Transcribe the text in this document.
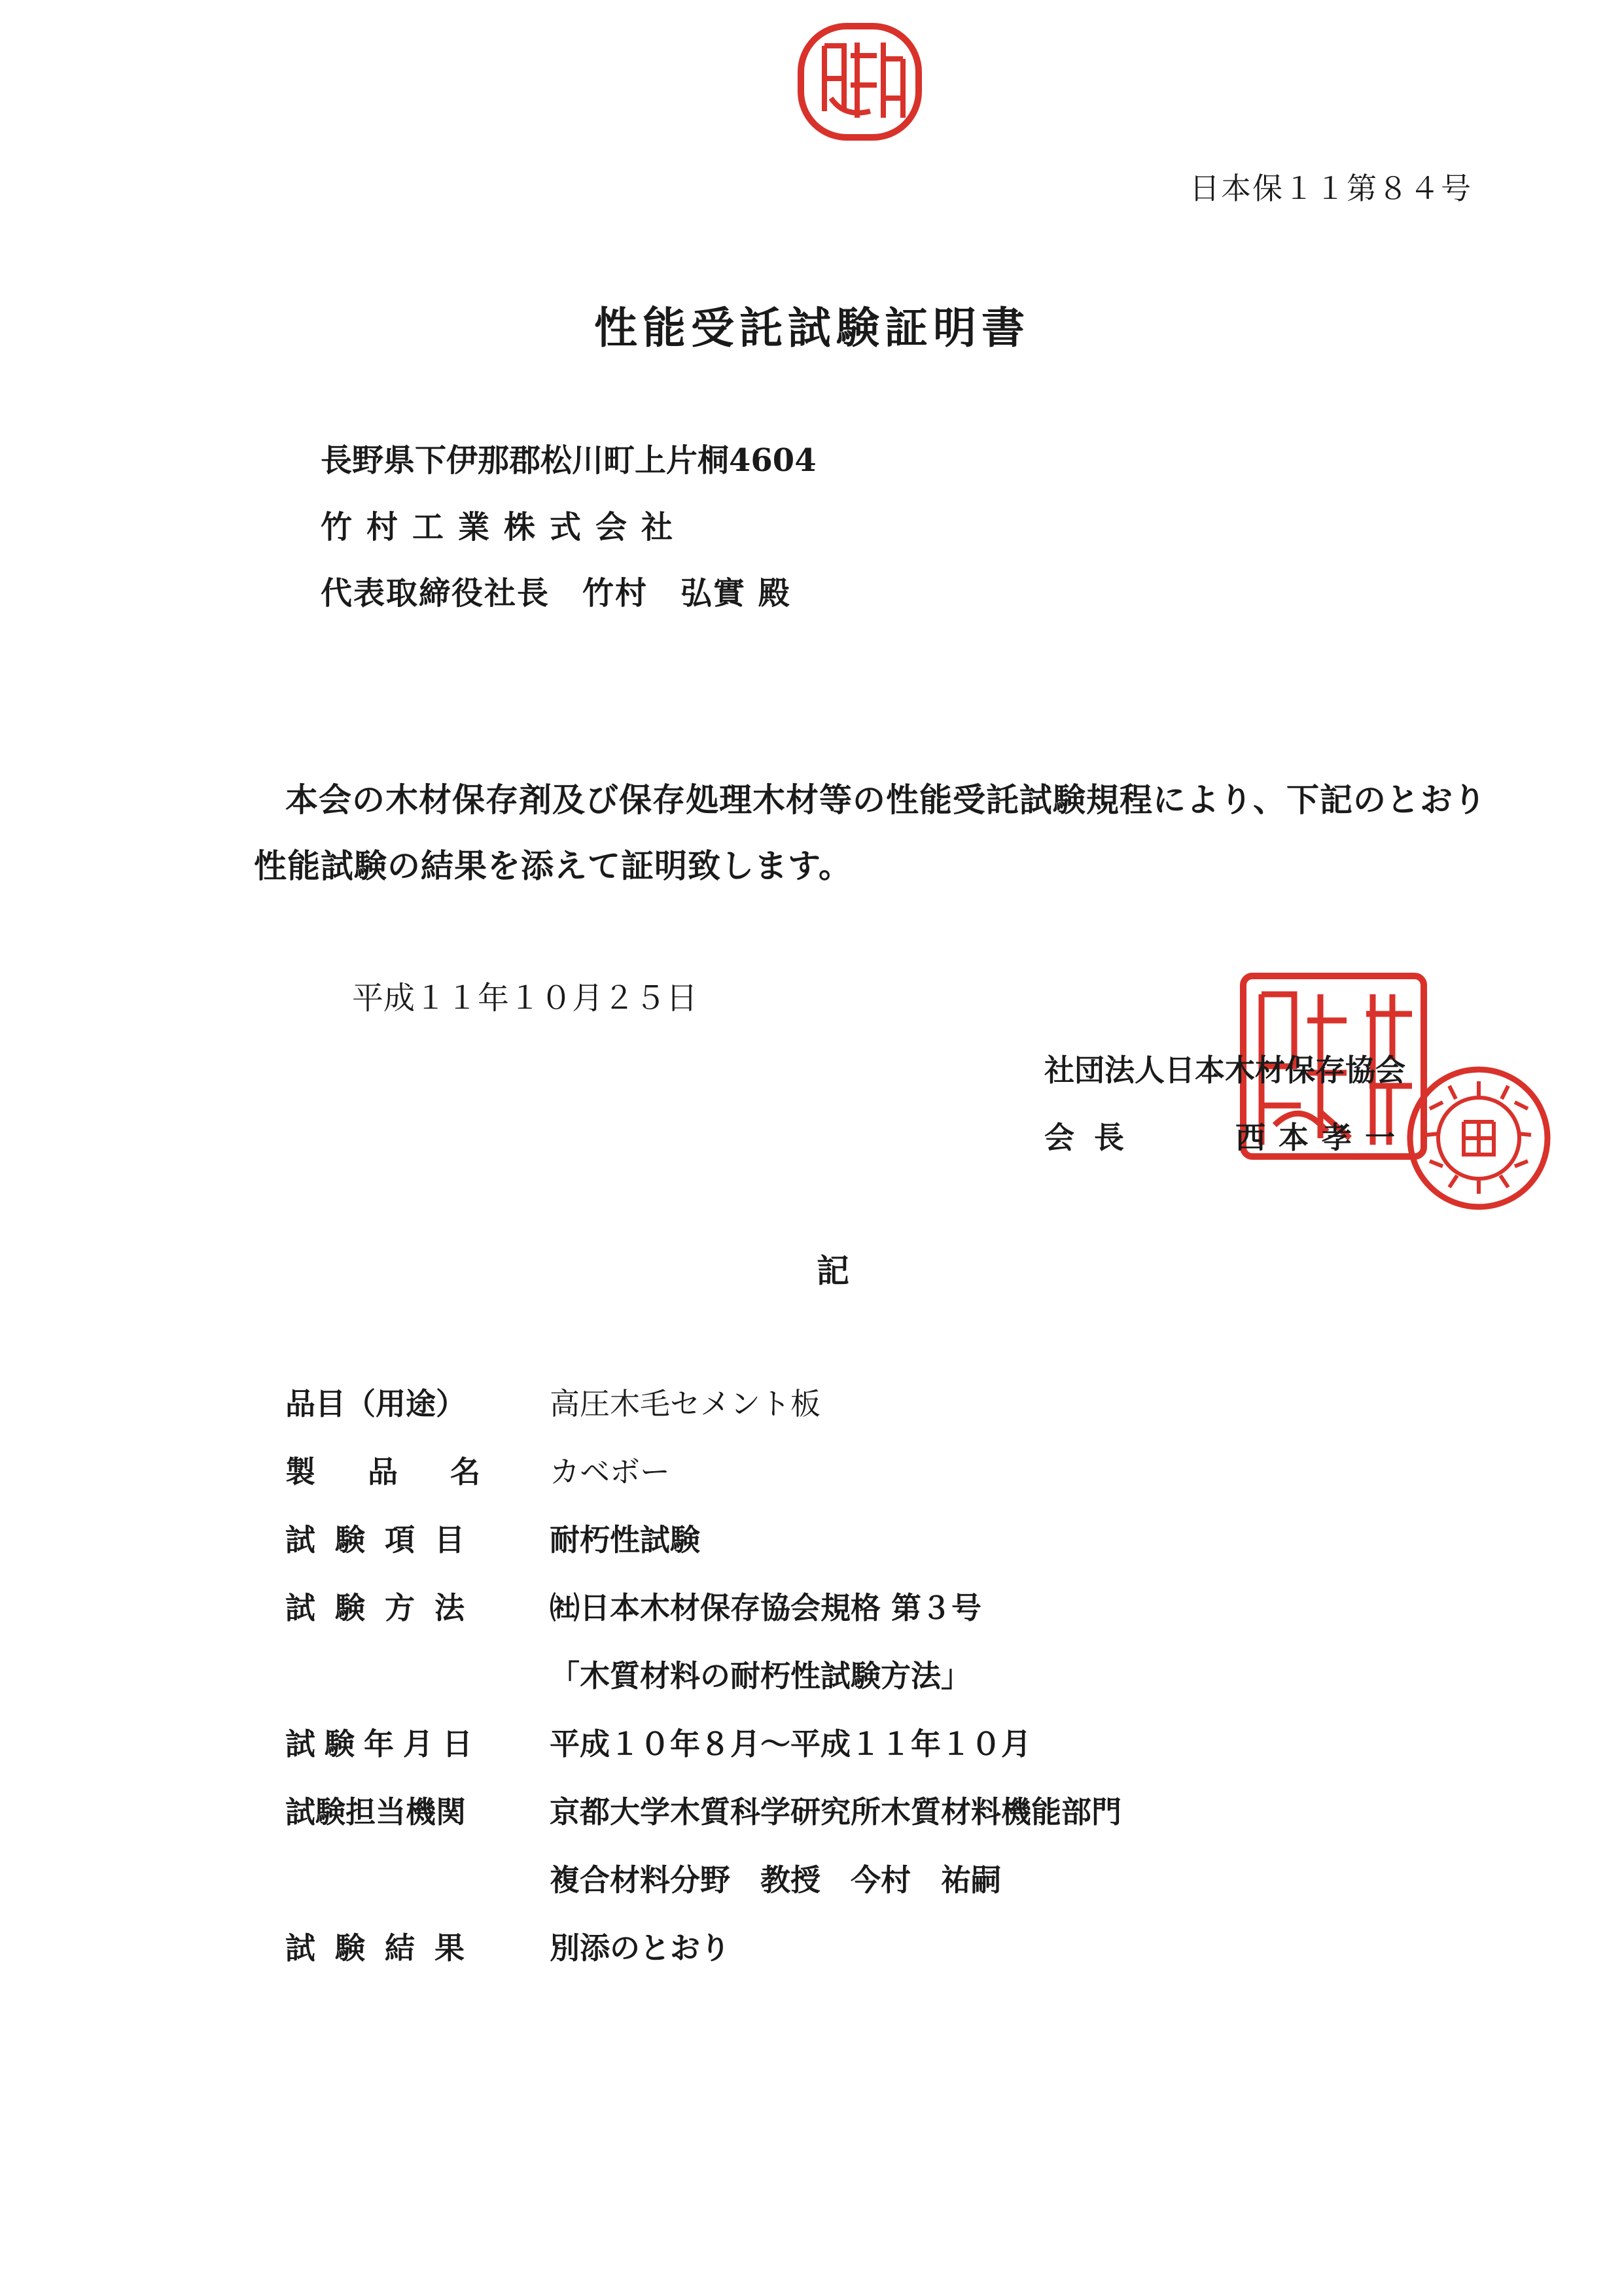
日本保１１第８４号
性能受託試験証明書
長野県下伊那郡松川町上片桐4604
竹村工業株式会社
代表取締役社長　竹村　弘實 殿
本会の木材保存剤及び保存処理木材等の性能受託試験規程により、下記のとおり
性能試験の結果を添えて証明致します。
平成１１年１０月２５日
社団法人日本木材保存協会
会長	西本孝一
記
品目（用途）	高圧木毛セメント板
製品名 カベボー
試験項目	耐朽性試験
試験方法	㈳日本木材保存協会規格 第３号
「木質材料の耐朽性試験方法」
試験年月日	平成１０年８月～平成１１年１０月
試験担当機関	京都大学木質科学研究所木質材料機能部門
複合材料分野　教授　今村　祐嗣
試験結果	別添のとおり
